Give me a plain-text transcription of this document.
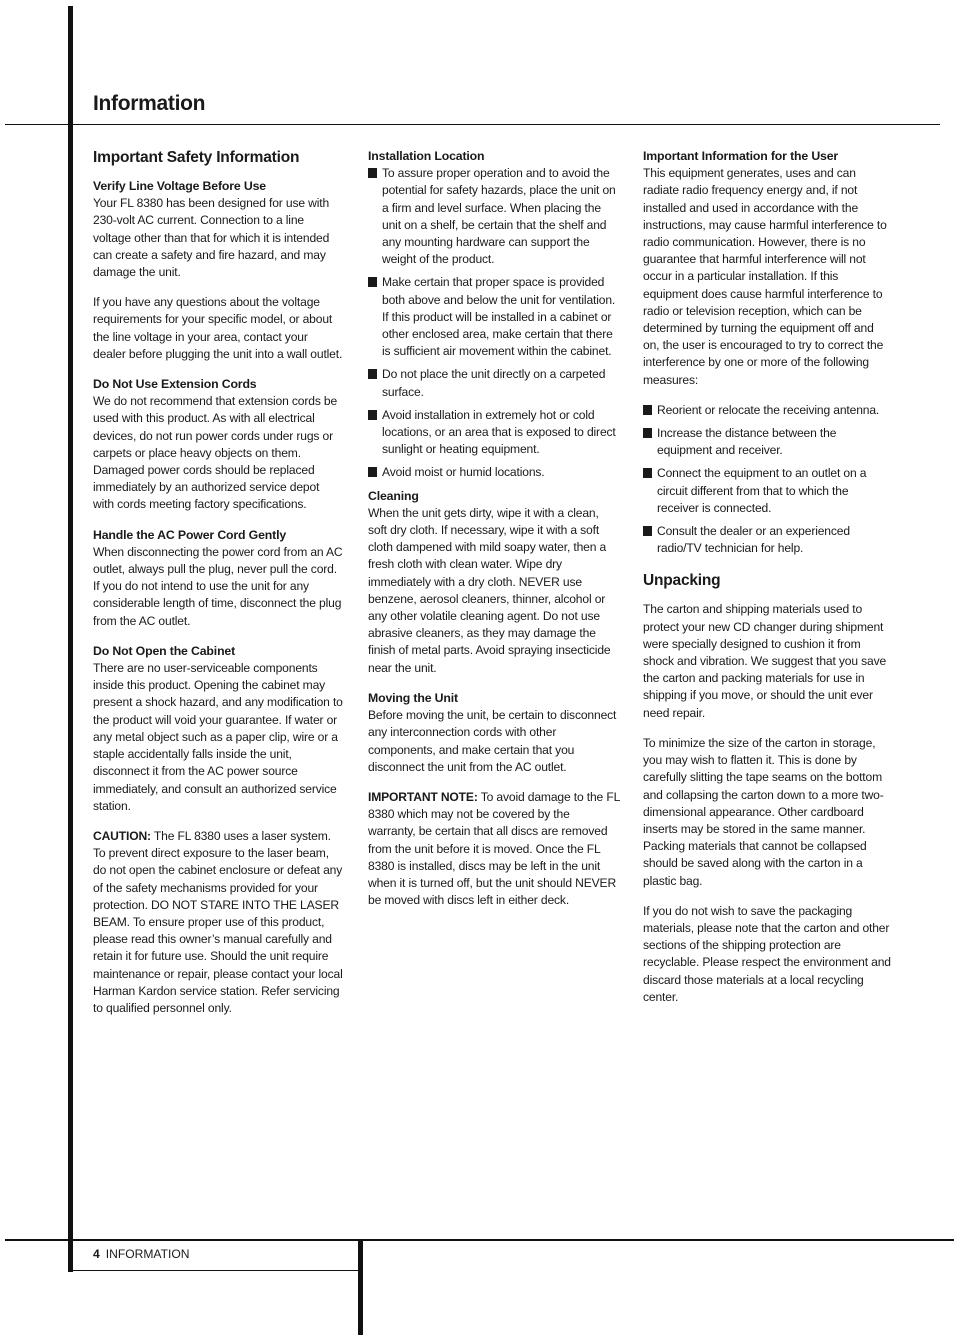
Information
Important Safety Information
Verify Line Voltage Before Use

Your FL 8380 has been designed for use with 230-volt AC current. Connection to a line voltage other than that for which it is intended can create a safety and fire hazard, and may damage the unit.

If you have any questions about the voltage requirements for your specific model, or about the line voltage in your area, contact your dealer before plugging the unit into a wall outlet.

Do Not Use Extension Cords

We do not recommend that extension cords be used with this product. As with all electrical devices, do not run power cords under rugs or carpets or place heavy objects on them. Damaged power cords should be replaced immediately by an authorized service depot with cords meeting factory specifications.

Handle the AC Power Cord Gently

When disconnecting the power cord from an AC outlet, always pull the plug, never pull the cord. If you do not intend to use the unit for any considerable length of time, disconnect the plug from the AC outlet.

Do Not Open the Cabinet

There are no user-serviceable components inside this product. Opening the cabinet may present a shock hazard, and any modification to the product will void your guarantee. If water or any metal object such as a paper clip, wire or a staple accidentally falls inside the unit, disconnect it from the AC power source immediately, and consult an authorized service station.

CAUTION: The FL 8380 uses a laser system. To prevent direct exposure to the laser beam, do not open the cabinet enclosure or defeat any of the safety mechanisms provided for your protection. DO NOT STARE INTO THE LASER BEAM. To ensure proper use of this product, please read this owner’s manual carefully and retain it for future use. Should the unit require maintenance or repair, please contact your local Harman Kardon service station. Refer servicing to qualified personnel only.

Installation Location
To assure proper operation and to avoid the potential for safety hazards, place the unit on a firm and level surface. When placing the unit on a shelf, be certain that the shelf and any mounting hardware can support the weight of the product.
Make certain that proper space is provided both above and below the unit for ventilation. If this product will be installed in a cabinet or other enclosed area, make certain that there is sufficient air movement within the cabinet.
Do not place the unit directly on a carpeted surface.
Avoid installation in extremely hot or cold locations, or an area that is exposed to direct sunlight or heating equipment.
Avoid moist or humid locations.
Cleaning

When the unit gets dirty, wipe it with a clean, soft dry cloth. If necessary, wipe it with a soft cloth dampened with mild soapy water, then a fresh cloth with clean water. Wipe dry immediately with a dry cloth. NEVER use benzene, aerosol cleaners, thinner, alcohol or any other volatile cleaning agent. Do not use abrasive cleaners, as they may damage the finish of metal parts. Avoid spraying insecticide near the unit.

Moving the Unit

Before moving the unit, be certain to disconnect any interconnection cords with other components, and make certain that you disconnect the unit from the AC outlet.

IMPORTANT NOTE: To avoid damage to the FL 8380 which may not be covered by the warranty, be certain that all discs are removed from the unit before it is moved. Once the FL 8380 is installed, discs may be left in the unit when it is turned off, but the unit should NEVER be moved with discs left in either deck.

Important Information for the User

This equipment generates, uses and can radiate radio frequency energy and, if not installed and used in accordance with the instructions, may cause harmful interference to radio communication. However, there is no guarantee that harmful interference will not occur in a particular installation. If this equipment does cause harmful interference to radio or television reception, which can be determined by turning the equipment off and on, the user is encouraged to try to correct the interference by one or more of the following measures:

Reorient or relocate the receiving antenna.
Increase the distance between the equipment and receiver.
Connect the equipment to an outlet on a circuit different from that to which the receiver is connected.
Consult the dealer or an experienced radio/TV technician for help.
Unpacking

The carton and shipping materials used to protect your new CD changer during shipment were specially designed to cushion it from shock and vibration. We suggest that you save the carton and packing materials for use in shipping if you move, or should the unit ever need repair.

To minimize the size of the carton in storage, you may wish to flatten it. This is done by carefully slitting the tape seams on the bottom and collapsing the carton down to a more two-dimensional appearance. Other cardboard inserts may be stored in the same manner. Packing materials that cannot be collapsed should be saved along with the carton in a plastic bag.

If you do not wish to save the packaging materials, please note that the carton and other sections of the shipping protection are recyclable. Please respect the environment and discard those materials at a local recycling center.

4 INFORMATION
